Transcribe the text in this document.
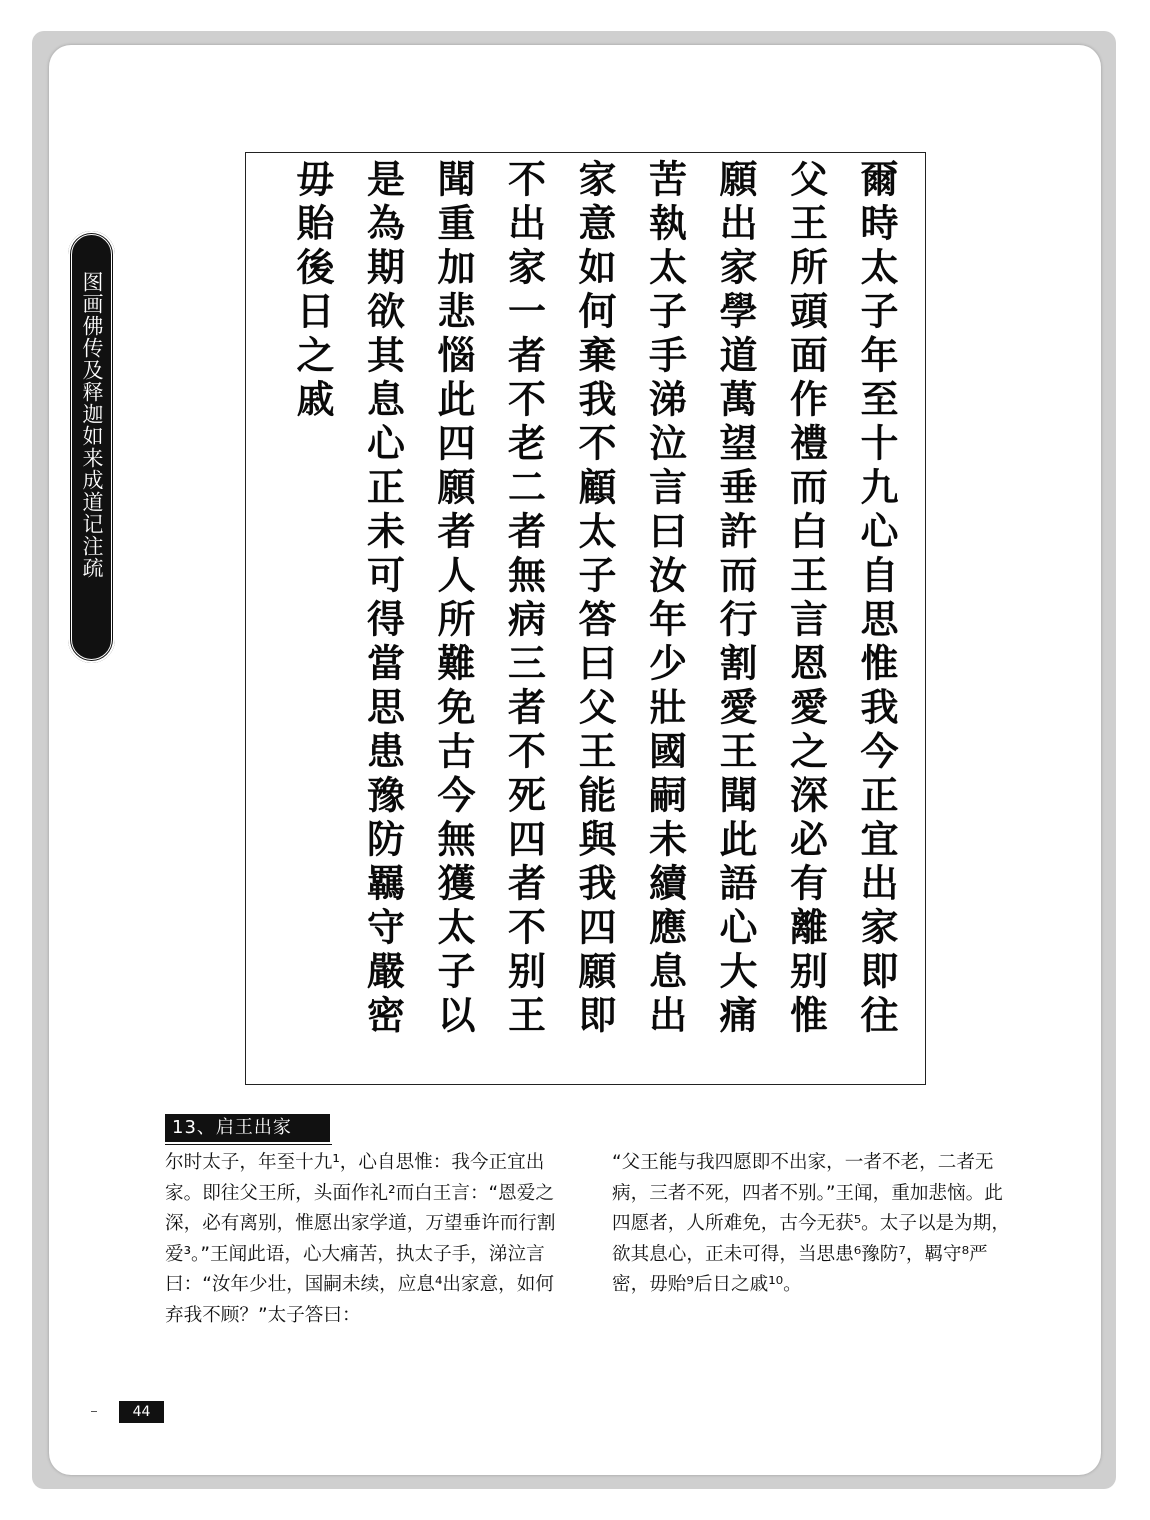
图画佛传及释迦如来成道记注疏	爾時太子年至十九心自思惟我今正宜出家即往
父王所頭面作禮而白王言恩愛之深必有離别惟
願出家學道萬望垂許而行割愛王聞此語心大痛
苦執太子手涕泣言曰汝年少壯國嗣未續應息出
家意如何棄我不顧太子答曰父王能與我四願即
不出家一者不老二者無病三者不死四者不别王
聞重加悲惱此四願者人所難免古今無獲太子以
是為期欲其息心正未可得當思患豫防羈守嚴密
毋貽後日之戚
13、启王出家

尔时太子，年至十九¹，心自思惟：我今正宜出家。即往父王所，头面作礼²而白王言：“恩爱之深，必有离别，惟愿出家学道，万望垂许而行割爱³。”王闻此语，心大痛苦，执太子手，涕泣言曰：“汝年少壮，国嗣未续，应息⁴出家意，如何弃我不顾？”太子答曰：

“父王能与我四愿即不出家，一者不老，二者无病，三者不死，四者不别。”王闻，重加悲恼。此四愿者，人所难免，古今无获⁵。太子以是为期，欲其息心，正未可得，当思患⁶豫防⁷，羁守⁸严密，毋贻⁹后日之戚¹⁰。

44
